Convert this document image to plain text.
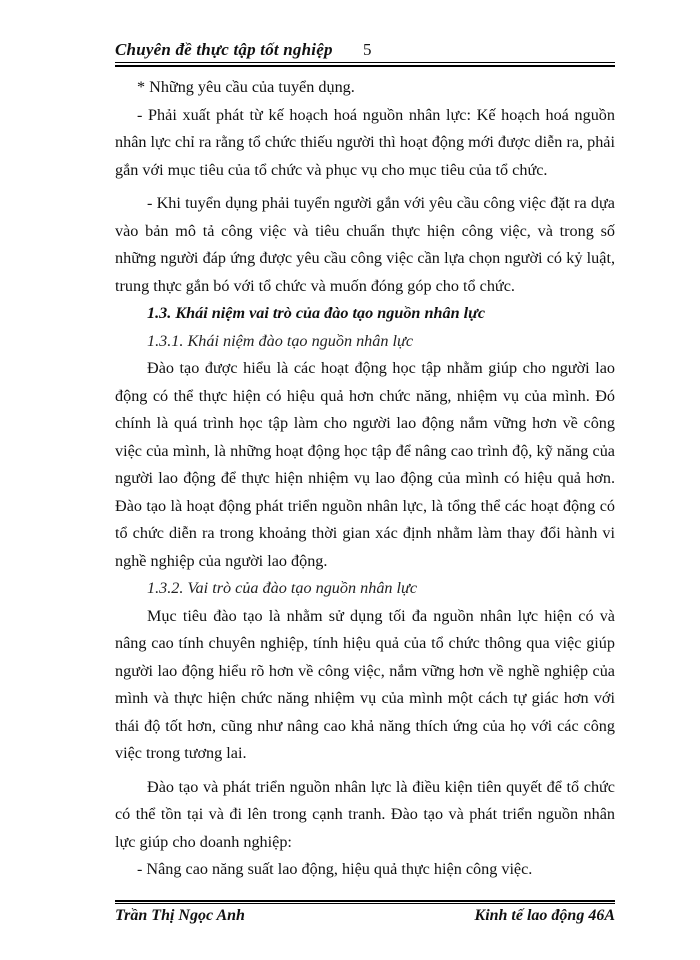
Chuyên đề thực tập tốt nghiệp 5

* Những yêu cầu của tuyển dụng.

- Phải xuất phát từ kế hoạch hoá nguồn nhân lực: Kế hoạch hoá nguồn nhân lực chỉ ra rằng tổ chức thiếu người thì hoạt động mới được diễn ra, phải gắn với mục tiêu của tổ chức và phục vụ cho mục tiêu của tổ chức.

- Khi tuyển dụng phải tuyển người gắn với yêu cầu công việc đặt ra dựa vào bản mô tả công việc và tiêu chuẩn thực hiện công việc, và trong số những người đáp ứng được yêu cầu công việc cần lựa chọn người có kỷ luật, trung thực gắn bó với tổ chức và muốn đóng góp cho tổ chức.

1.3. Khái niệm vai trò của đào tạo nguồn nhân lực

1.3.1. Khái niệm đào tạo nguồn nhân lực

Đào tạo được hiểu là các hoạt động học tập nhằm giúp cho người lao động có thể thực hiện có hiệu quả hơn chức năng, nhiệm vụ của mình. Đó chính là quá trình học tập làm cho người lao động nắm vững hơn về công việc của mình, là những hoạt động học tập để nâng cao trình độ, kỹ năng của người lao động để thực hiện nhiệm vụ lao động của mình có hiệu quả hơn. Đào tạo là hoạt động phát triển nguồn nhân lực, là tổng thể các hoạt động có tổ chức diễn ra trong khoảng thời gian xác định nhằm làm thay đổi hành vi nghề nghiệp của người lao động.

1.3.2. Vai trò của đào tạo nguồn nhân lực

Mục tiêu đào tạo là nhằm sử dụng tối đa nguồn nhân lực hiện có và nâng cao tính chuyên nghiệp, tính hiệu quả của tổ chức thông qua việc giúp người lao động hiểu rõ hơn về công việc, nắm vững hơn về nghề nghiệp của mình và thực hiện chức năng nhiệm vụ của mình một cách tự giác hơn với thái độ tốt hơn, cũng như nâng cao khả năng thích ứng của họ với các công việc trong tương lai.

Đào tạo và phát triển nguồn nhân lực là điều kiện tiên quyết để tổ chức có thể tồn tại và đi lên trong cạnh tranh. Đào tạo và phát triển nguồn nhân lực giúp cho doanh nghiệp:

- Nâng cao năng suất lao động, hiệu quả thực hiện công việc.

Trần Thị Ngọc Anh	Kinh tế lao động 46A
